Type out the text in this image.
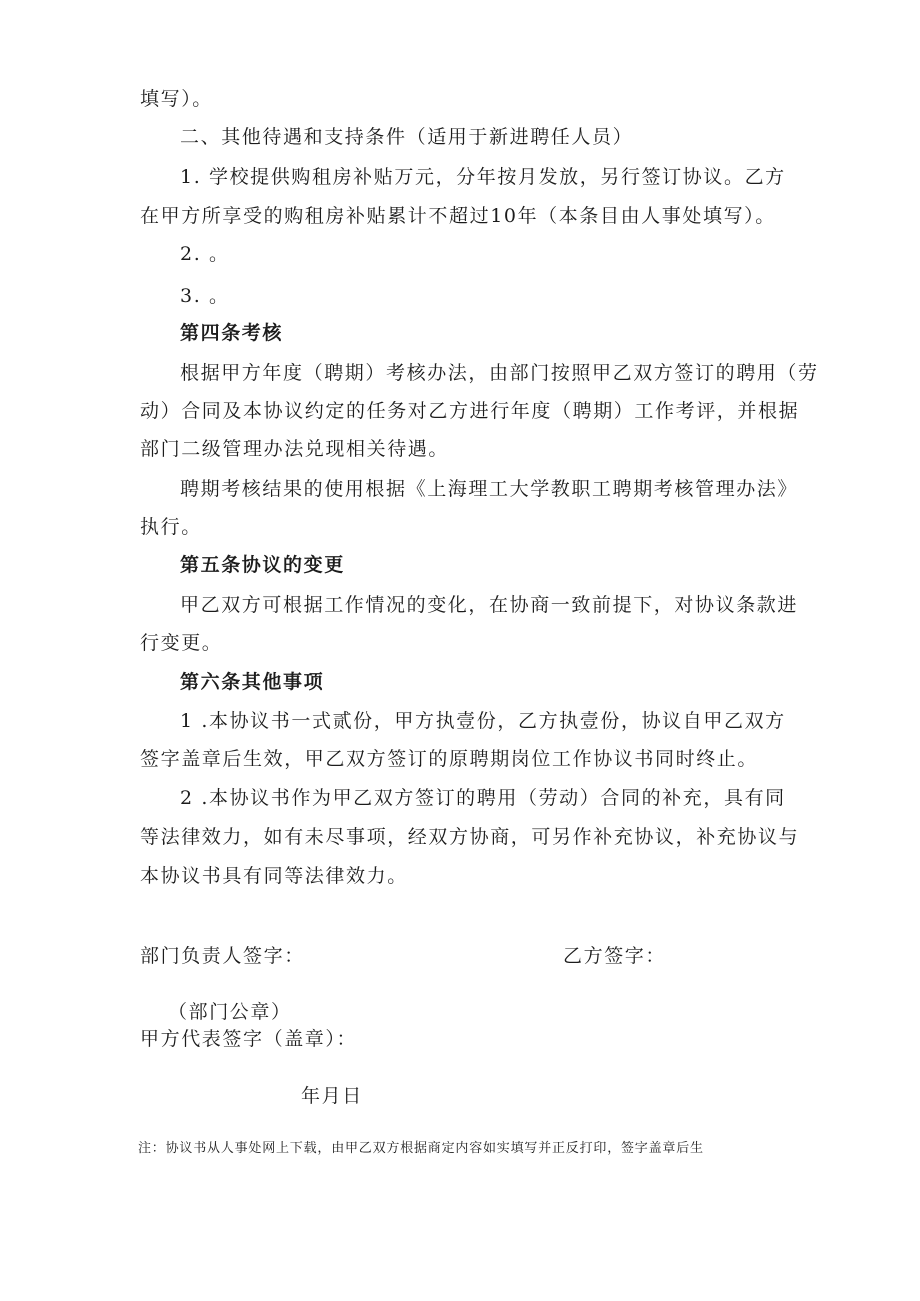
填写）。
二、其他待遇和支持条件（适用于新进聘任人员）
1. 学校提供购租房补贴万元，分年按月发放，另行签订协议。乙方
在甲方所享受的购租房补贴累计不超过10年（本条目由人事处填写）。
2. 。
3. 。
第四条考核
根据甲方年度（聘期）考核办法，由部门按照甲乙双方签订的聘用（劳
动）合同及本协议约定的任务对乙方进行年度（聘期）工作考评，并根据
部门二级管理办法兑现相关待遇。
聘期考核结果的使用根据《上海理工大学教职工聘期考核管理办法》
执行。
第五条协议的变更
甲乙双方可根据工作情况的变化，在协商一致前提下，对协议条款进
行变更。
第六条其他事项
1 .本协议书一式贰份，甲方执壹份，乙方执壹份，协议自甲乙双方
签字盖章后生效，甲乙双方签订的原聘期岗位工作协议书同时终止。
2 .本协议书作为甲乙双方签订的聘用（劳动）合同的补充，具有同
等法律效力，如有未尽事项，经双方协商，可另作补充协议，补充协议与
本协议书具有同等法律效力。
部门负责人签字：	乙方签字：
（部门公章）
甲方代表签字（盖章）：
年月日
注：协议书从人事处网上下载，由甲乙双方根据商定内容如实填写并正反打印，签字盖章后生
